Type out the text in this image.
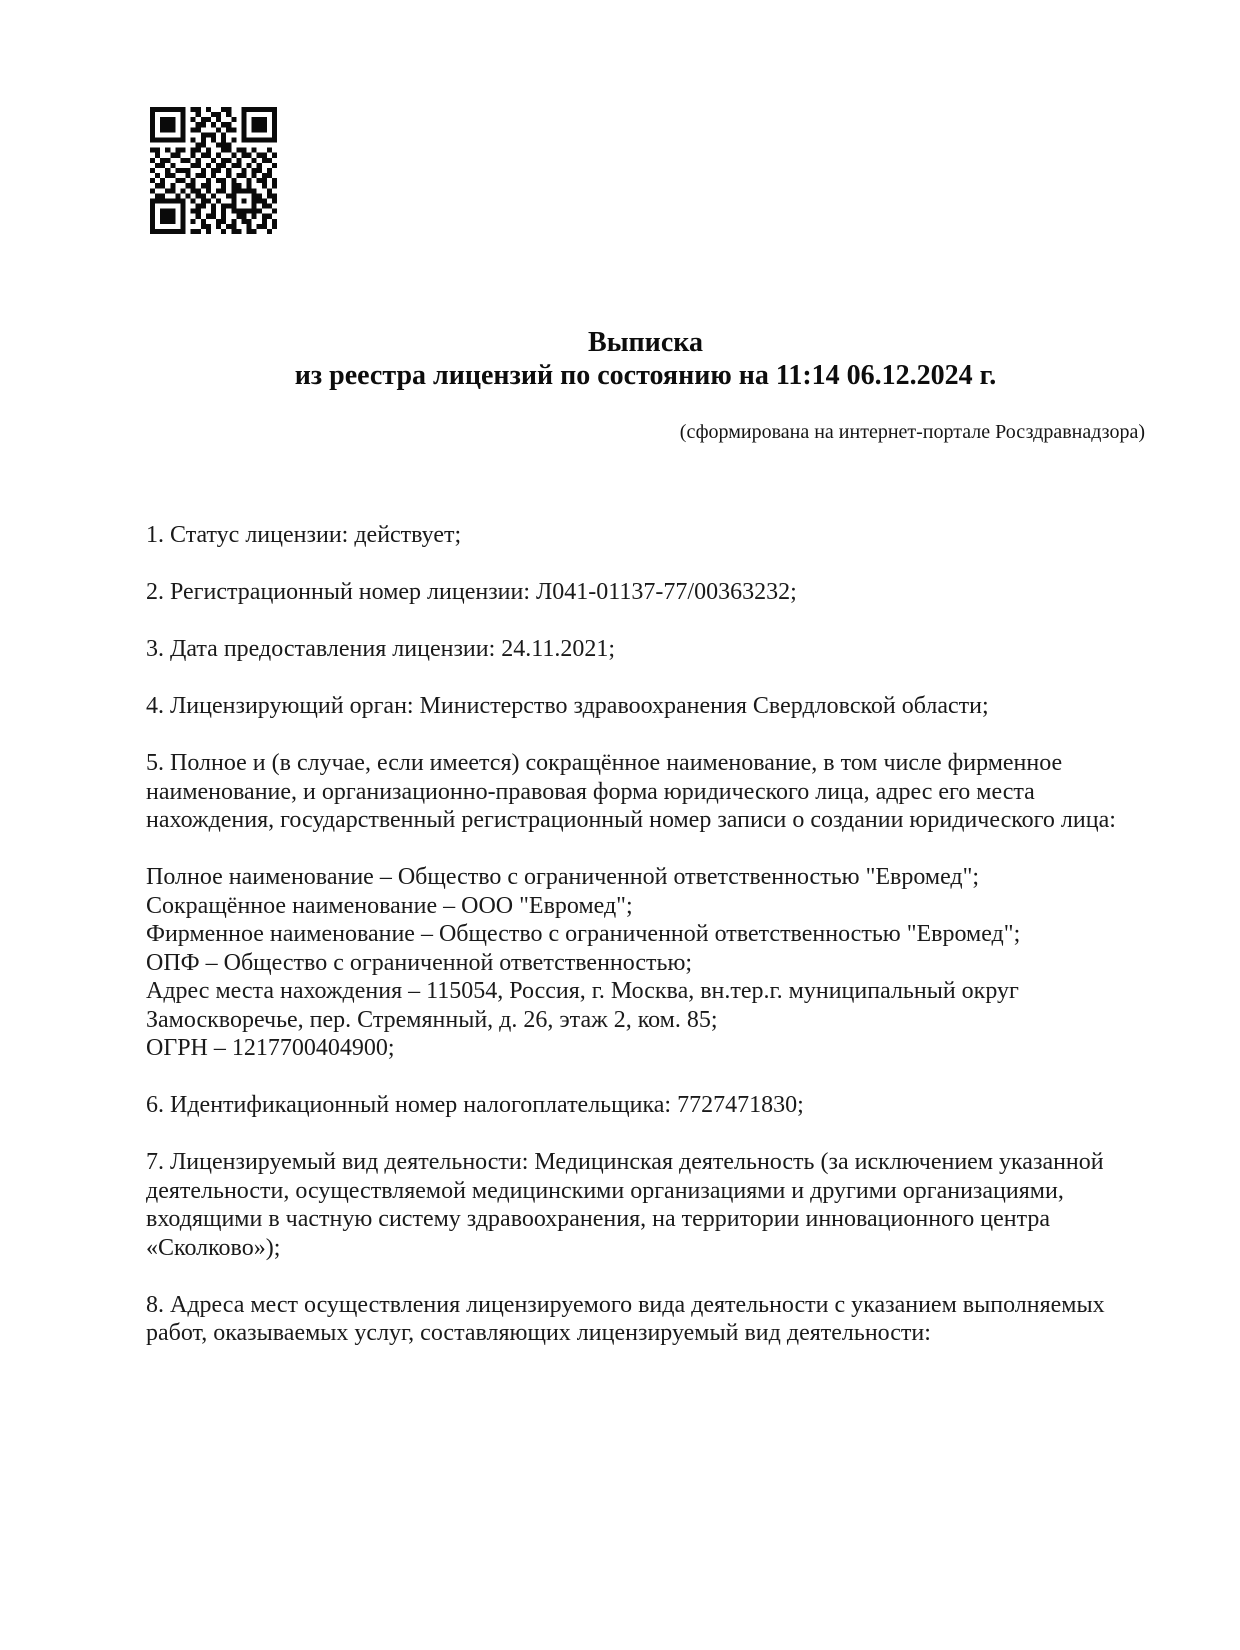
Выписка
из реестра лицензий по состоянию на 11:14 06.12.2024 г.
(сформирована на интернет-портале Росздравнадзора)

1. Статус лицензии: действует;

2. Регистрационный номер лицензии: Л041-01137-77/00363232;

3. Дата предоставления лицензии: 24.11.2021;

4. Лицензирующий орган: Министерство здравоохранения Свердловской области;

5. Полное и (в случае, если имеется) сокращённое наименование, в том числе фирменное наименование, и организационно-правовая форма юридического лица, адрес его места нахождения, государственный регистрационный номер записи о создании юридического лица:

Полное наименование – Общество с ограниченной ответственностью "Евромед";
Сокращённое наименование – ООО "Евромед";
Фирменное наименование – Общество с ограниченной ответственностью "Евромед";
ОПФ – Общество с ограниченной ответственностью;
Адрес места нахождения – 115054, Россия, г. Москва, вн.тер.г. муниципальный округ Замоскворечье, пер. Стремянный, д. 26, этаж 2, ком. 85;
ОГРН – 1217700404900;

6. Идентификационный номер налогоплательщика: 7727471830;

7. Лицензируемый вид деятельности: Медицинская деятельность (за исключением указанной деятельности, осуществляемой медицинскими организациями и другими организациями, входящими в частную систему здравоохранения, на территории инновационного центра «Сколково»);

8. Адреса мест осуществления лицензируемого вида деятельности с указанием выполняемых работ, оказываемых услуг, составляющих лицензируемый вид деятельности:
